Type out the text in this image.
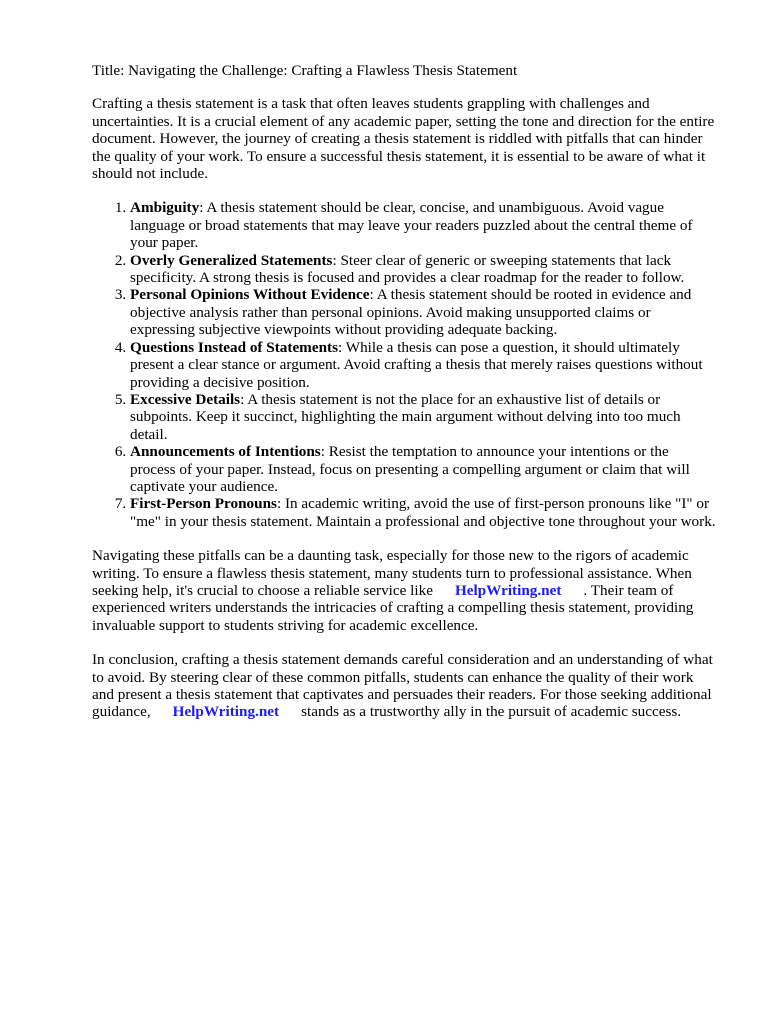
Title: Navigating the Challenge: Crafting a Flawless Thesis Statement

Crafting a thesis statement is a task that often leaves students grappling with challenges and uncertainties. It is a crucial element of any academic paper, setting the tone and direction for the entire document. However, the journey of creating a thesis statement is riddled with pitfalls that can hinder the quality of your work. To ensure a successful thesis statement, it is essential to be aware of what it should not include.

1. Ambiguity: A thesis statement should be clear, concise, and unambiguous. Avoid vague language or broad statements that may leave your readers puzzled about the central theme of your paper.
2. Overly Generalized Statements: Steer clear of generic or sweeping statements that lack specificity. A strong thesis is focused and provides a clear roadmap for the reader to follow.
3. Personal Opinions Without Evidence: A thesis statement should be rooted in evidence and objective analysis rather than personal opinions. Avoid making unsupported claims or expressing subjective viewpoints without providing adequate backing.
4. Questions Instead of Statements: While a thesis can pose a question, it should ultimately present a clear stance or argument. Avoid crafting a thesis that merely raises questions without providing a decisive position.
5. Excessive Details: A thesis statement is not the place for an exhaustive list of details or subpoints. Keep it succinct, highlighting the main argument without delving into too much detail.
6. Announcements of Intentions: Resist the temptation to announce your intentions or the process of your paper. Instead, focus on presenting a compelling argument or claim that will captivate your audience.
7. First-Person Pronouns: In academic writing, avoid the use of first-person pronouns like "I" or "me" in your thesis statement. Maintain a professional and objective tone throughout your work.

Navigating these pitfalls can be a daunting task, especially for those new to the rigors of academic writing. To ensure a flawless thesis statement, many students turn to professional assistance. When seeking help, it's crucial to choose a reliable service like HelpWriting.net . Their team of experienced writers understands the intricacies of crafting a compelling thesis statement, providing invaluable support to students striving for academic excellence.

In conclusion, crafting a thesis statement demands careful consideration and an understanding of what to avoid. By steering clear of these common pitfalls, students can enhance the quality of their work and present a thesis statement that captivates and persuades their readers. For those seeking additional guidance, HelpWriting.net stands as a trustworthy ally in the pursuit of academic success.
